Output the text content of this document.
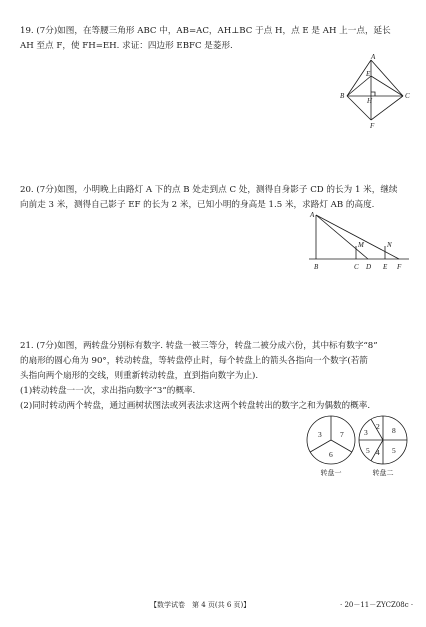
19. (7分)如图，在等腰三角形 ABC 中，AB=AC，AH⊥BC 于点 H，点 E 是 AH 上一点，延长

AH 至点 F，使 FH=EH. 求证：四边形 EBFC 是菱形.

A
E
B
H
C
F

20. (7分)如图，小明晚上由路灯 A 下的点 B 处走到点 C 处，测得自身影子 CD 的长为 1 米，继续

向前走 3 米，测得自己影子 EF 的长为 2 米，已知小明的身高是 1.5 米，求路灯 AB 的高度.

A
M	N
B	C D E F

21. (7分)如图，两转盘分别标有数字. 转盘一被三等分，转盘二被分成六份，其中标有数字“8”

的扇形的圆心角为 90°，转动转盘，等转盘停止时，每个转盘上的箭头各指向一个数字(若箭

头指向两个扇形的交线，则重新转动转盘，直到指向数字为止).

(1)转动转盘一一次，求出指向数字“3”的概率.

(2)同时转动两个转盘，通过画树状图法或列表法求这两个转盘转出的数字之和为偶数的概率.

3 7
6
转盘一
2
3
5
8
4 5
转盘二
【数学试卷　第 4 页(共 6 页)】	· 20－11－ZYCZ08c ·
